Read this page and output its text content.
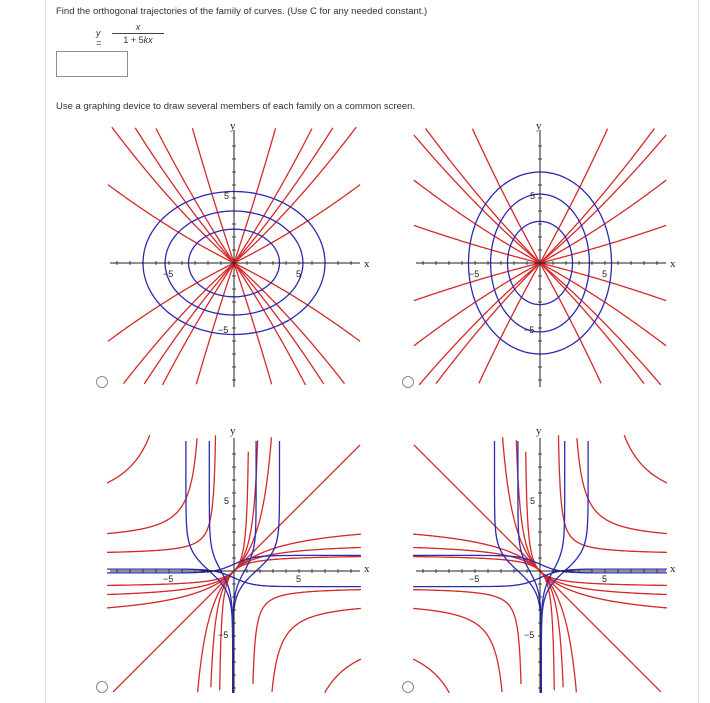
Find the orthogonal trajectories of the family of curves. (Use C for any needed constant.)
y =
x
1 + 5kx
Use a graphing device to draw several members of each family on a common screen.
y
x
−5	5
5
−5
y
x
−5	5
5
−5
y
x
−5	5
5
−5
y
x
−5	5
5
−5
